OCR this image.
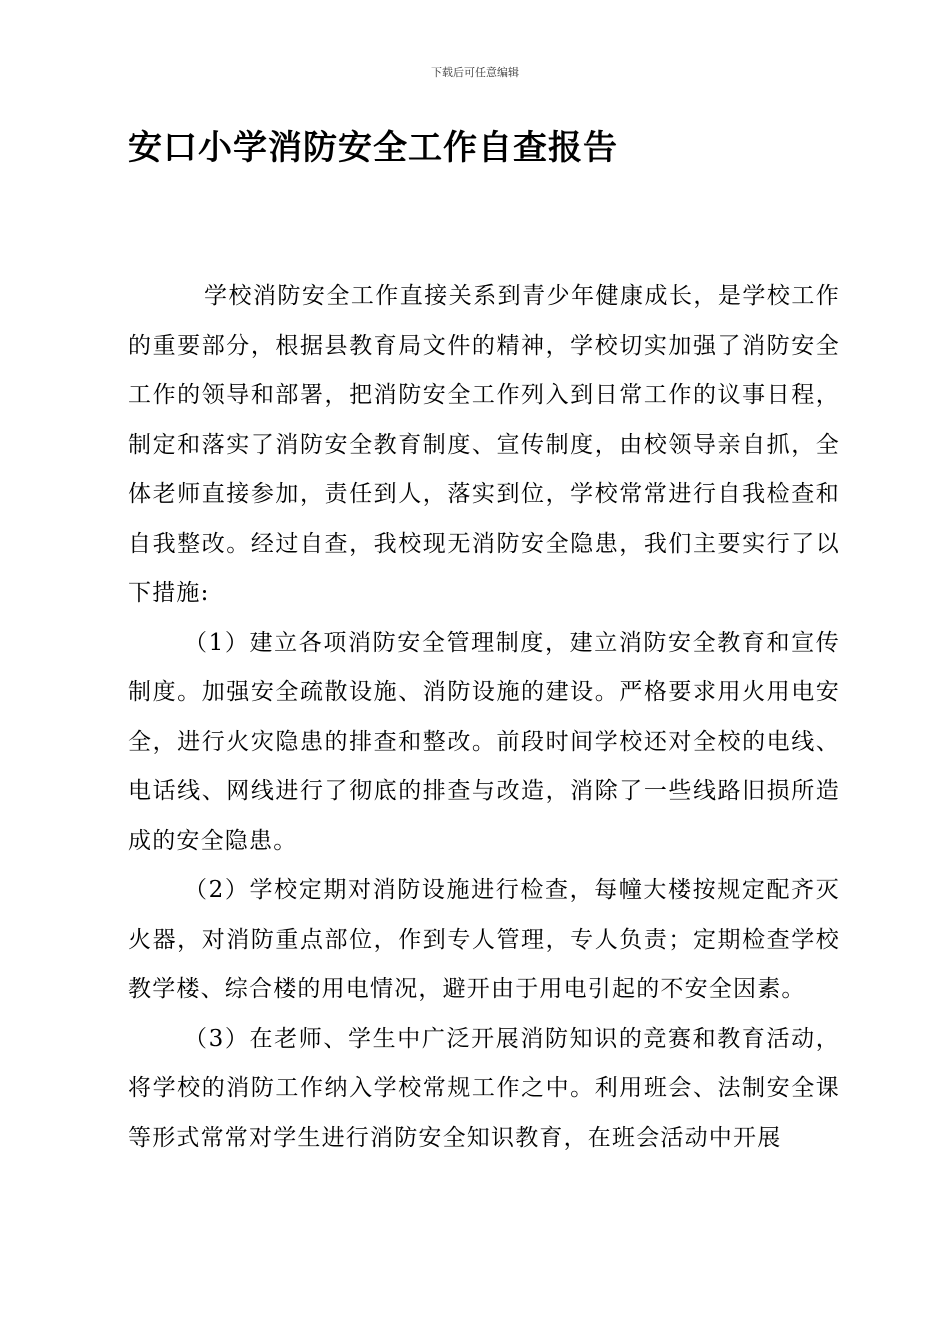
下载后可任意编辑
安口小学消防安全工作自查报告

学校消防安全工作直接关系到青少年健康成长，是学校工作的重要部分，根据县教育局文件的精神，学校切实加强了消防安全工作的领导和部署，把消防安全工作列入到日常工作的议事日程，制定和落实了消防安全教育制度、宣传制度，由校领导亲自抓，全体老师直接参加，责任到人，落实到位，学校常常进行自我检查和自我整改。经过自查，我校现无消防安全隐患，我们主要实行了以下措施:

（1）建立各项消防安全管理制度，建立消防安全教育和宣传制度。加强安全疏散设施、消防设施的建设。严格要求用火用电安全，进行火灾隐患的排查和整改。前段时间学校还对全校的电线、电话线、网线进行了彻底的排查与改造，消除了一些线路旧损所造成的安全隐患。

（2）学校定期对消防设施进行检查，每幢大楼按规定配齐灭火器，对消防重点部位，作到专人管理，专人负责；定期检查学校教学楼、综合楼的用电情况，避开由于用电引起的不安全因素。

（3）在老师、学生中广泛开展消防知识的竞赛和教育活动，将学校的消防工作纳入学校常规工作之中。利用班会、法制安全课等形式常常对学生进行消防安全知识教育，在班会活动中开展
